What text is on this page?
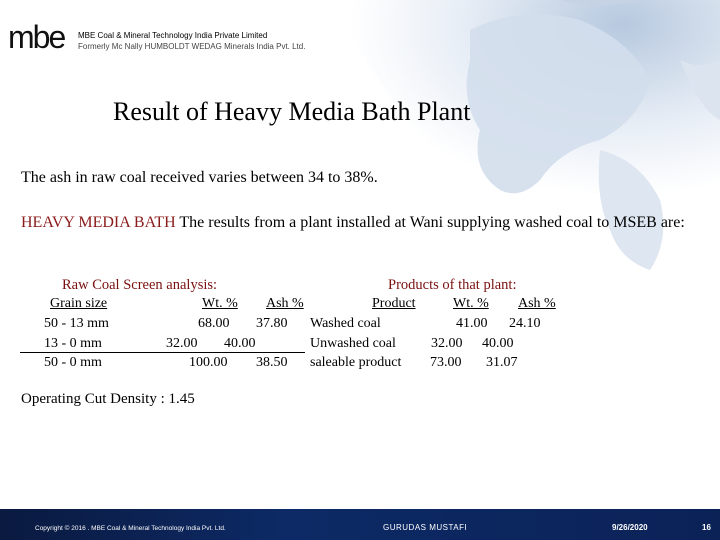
mbe MBE Coal & Mineral Technology India Private Limited
Formerly Mc Nally HUMBOLDT WEDAG Minerals India Pvt. Ltd.
Result of Heavy Media Bath Plant
The ash in raw coal received varies between 34 to 38%.
HEAVY MEDIA BATH The results from a plant installed at Wani supplying washed coal to MSEB are:
Raw Coal Screen analysis:
Grain size	Wt. % Ash %
50 - 13 mm	68.00 37.80
13 - 0 mm	32.00 40.00
50 - 0 mm	100.00 38.50
Products of that plant:
Product	Wt. % Ash %
Washed coal	41.00 24.10
Unwashed coal	32.00 40.00
saleable product 73.00 31.07
Operating Cut Density : 1.45
Copyright © 2016 . MBE Coal & Mineral Technology India Pvt. Ltd.	GURUDAS MUSTAFI	9/26/2020	16
